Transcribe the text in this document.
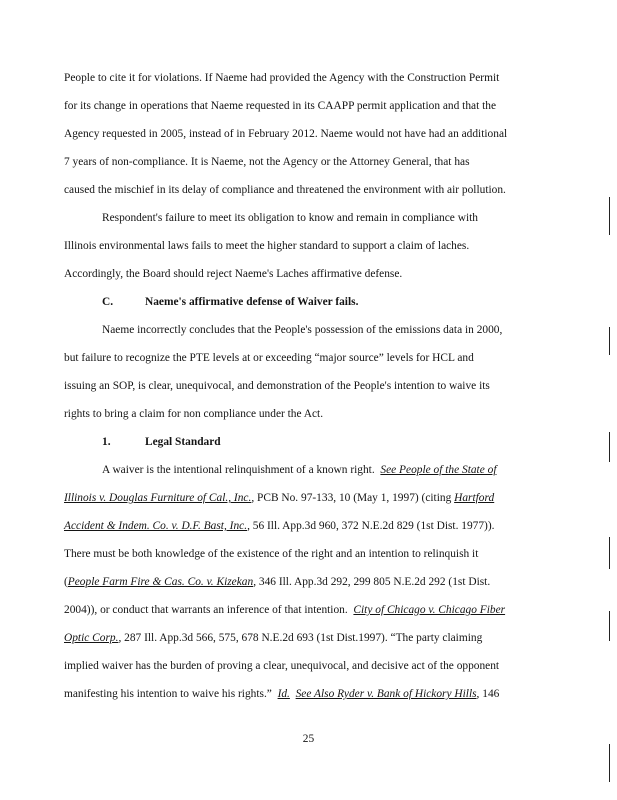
People to cite it for violations. If Naeme had provided the Agency with the Construction Permit
for its change in operations that Naeme requested in its CAAPP permit application and that the
Agency requested in 2005, instead of in February 2012. Naeme would not have had an additional
7 years of non-compliance. It is Naeme, not the Agency or the Attorney General, that has
caused the mischief in its delay of compliance and threatened the environment with air pollution.
Respondent's failure to meet its obligation to know and remain in compliance with
Illinois environmental laws fails to meet the higher standard to support a claim of laches.
Accordingly, the Board should reject Naeme's Laches affirmative defense.
C.	Naeme's affirmative defense of Waiver fails.
Naeme incorrectly concludes that the People's possession of the emissions data in 2000,
but failure to recognize the PTE levels at or exceeding “major source” levels for HCL and
issuing an SOP, is clear, unequivocal, and demonstration of the People's intention to waive its
rights to bring a claim for non compliance under the Act.
1.	Legal Standard
A waiver is the intentional relinquishment of a known right. See People of the State of
Illinois v. Douglas Furniture of Cal., Inc., PCB No. 97-133, 10 (May 1, 1997) (citing Hartford
Accident & Indem. Co. v. D.F. Bast, Inc., 56 Ill. App.3d 960, 372 N.E.2d 829 (1st Dist. 1977)).
There must be both knowledge of the existence of the right and an intention to relinquish it
(People Farm Fire & Cas. Co. v. Kizekan, 346 Ill. App.3d 292, 299 805 N.E.2d 292 (1st Dist.
2004)), or conduct that warrants an inference of that intention. City of Chicago v. Chicago Fiber
Optic Corp., 287 Ill. App.3d 566, 575, 678 N.E.2d 693 (1st Dist.1997). “The party claiming
implied waiver has the burden of proving a clear, unequivocal, and decisive act of the opponent
manifesting his intention to waive his rights.” Id. See Also Ryder v. Bank of Hickory Hills, 146
25
